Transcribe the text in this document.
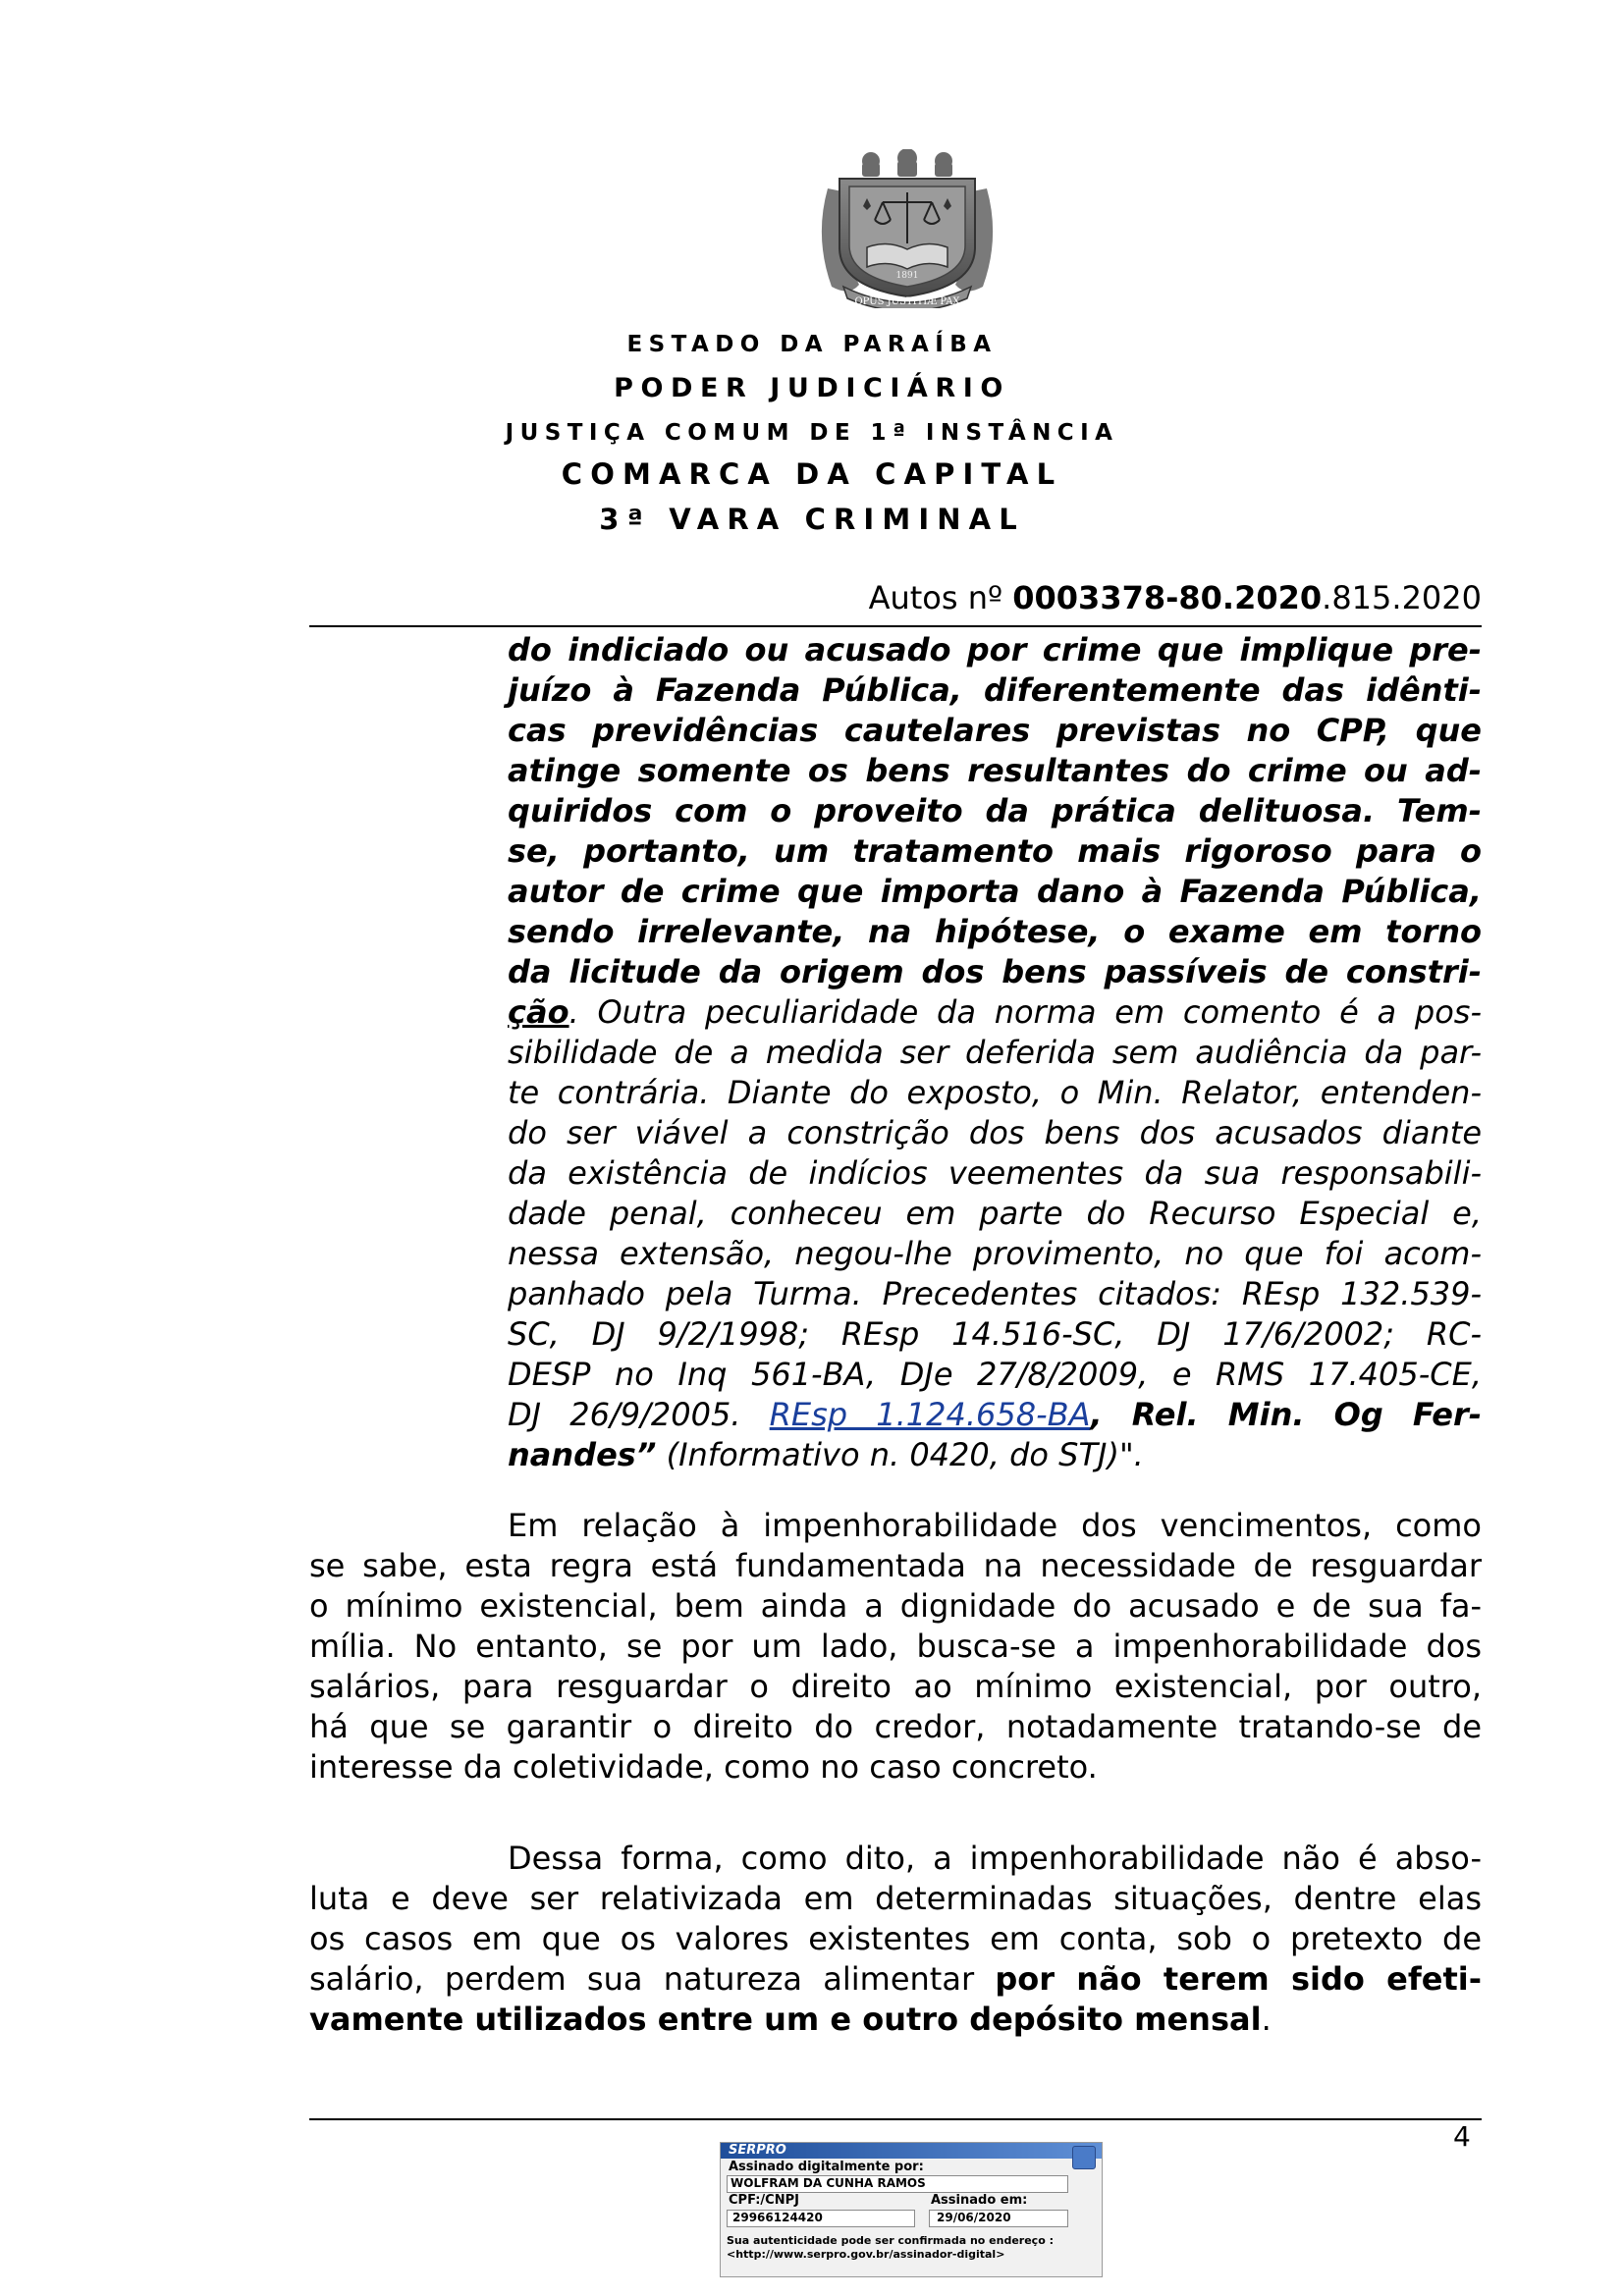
1891
OPUS JUSTITIÆ PAX
ESTADO DA PARAÍBA
PODER JUDICIÁRIO
JUSTIÇA COMUM DE 1ª INSTÂNCIA
COMARCA DA CAPITAL
3ª VARA CRIMINAL
Autos nº 0003378-80.2020.815.2020
do indiciado ou acusado por crime que implique pre-
juízo à Fazenda Pública, diferentemente das idênti-
cas previdências cautelares previstas no CPP, que
atinge somente os bens resultantes do crime ou ad-
quiridos com o proveito da prática delituosa. Tem-
se, portanto, um tratamento mais rigoroso para o
autor de crime que importa dano à Fazenda Pública,
sendo irrelevante, na hipótese, o exame em torno
da licitude da origem dos bens passíveis de constri-
ção. Outra peculiaridade da norma em comento é a pos-
sibilidade de a medida ser deferida sem audiência da par-
te contrária. Diante do exposto, o Min. Relator, entenden-
do ser viável a constrição dos bens dos acusados diante
da existência de indícios veementes da sua responsabili-
dade penal, conheceu em parte do Recurso Especial e,
nessa extensão, negou-lhe provimento, no que foi acom-
panhado pela Turma. Precedentes citados: REsp 132.539-
SC, DJ 9/2/1998; REsp 14.516-SC, DJ 17/6/2002; RC-
DESP no Inq 561-BA, DJe 27/8/2009, e RMS 17.405-CE,
DJ 26/9/2005. REsp 1.124.658-BA, Rel. Min. Og Fer-
nandes” (Informativo n. 0420, do STJ)".
Em relação à impenhorabilidade dos vencimentos, como
se sabe, esta regra está fundamentada na necessidade de resguardar
o mínimo existencial, bem ainda a dignidade do acusado e de sua fa-
mília. No entanto, se por um lado, busca-se a impenhorabilidade dos
salários, para resguardar o direito ao mínimo existencial, por outro,
há que se garantir o direito do credor, notadamente tratando-se de
interesse da coletividade, como no caso concreto.
Dessa forma, como dito, a impenhorabilidade não é abso-
luta e deve ser relativizada em determinadas situações, dentre elas
os casos em que os valores existentes em conta, sob o pretexto de
salário, perdem sua natureza alimentar por não terem sido efeti-
vamente utilizados entre um e outro depósito mensal.
4
SERPRO
Assinado digitalmente por:
WOLFRAM DA CUNHA RAMOS
CPF:/CNPJ	Assinado em:
29966124420	29/06/2020
Sua autenticidade pode ser confirmada no endereço :
<http://www.serpro.gov.br/assinador-digital>
